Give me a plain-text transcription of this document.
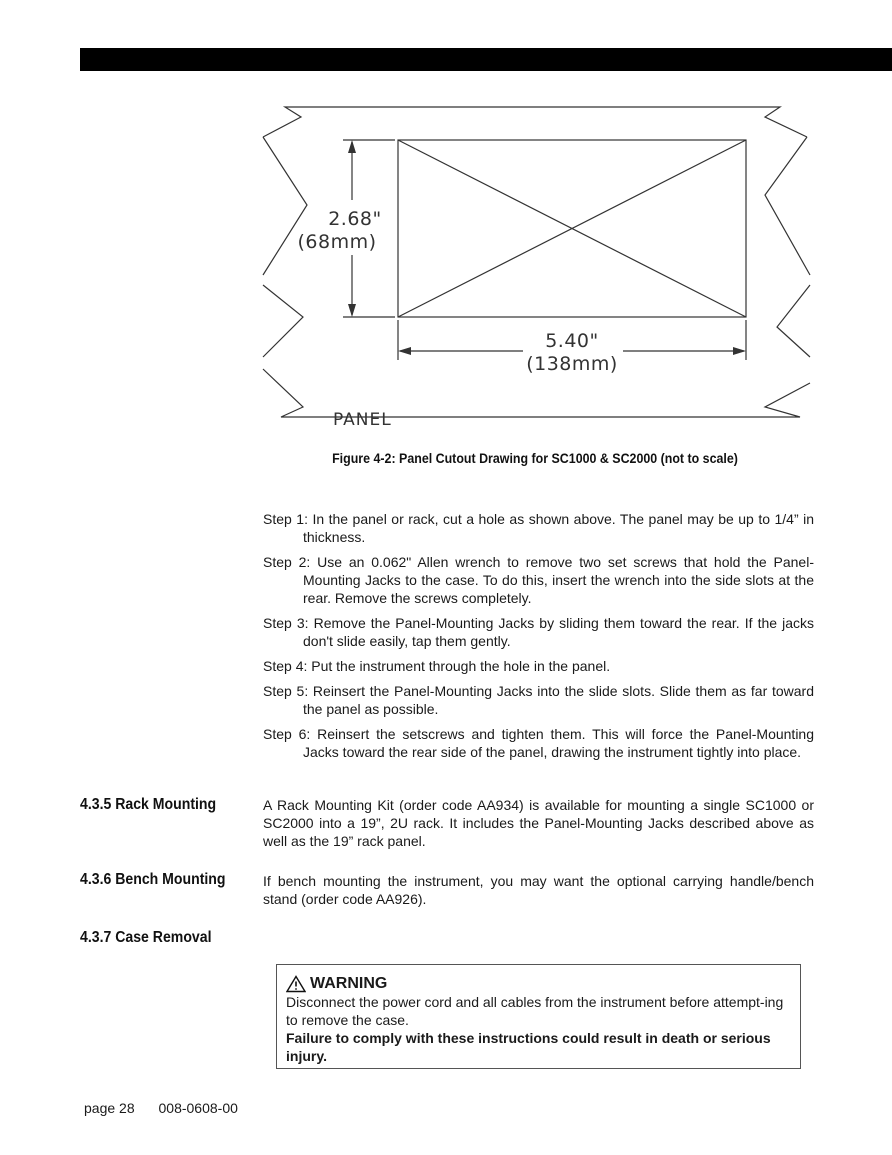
2.68"
(68mm)
5.40"
(138mm)
PANEL
Figure 4-2: Panel Cutout Drawing for SC1000 & SC2000 (not to scale)

Step 1: In the panel or rack, cut a hole as shown above. The panel may be up to 1/4” in thickness.

Step 2: Use an 0.062" Allen wrench to remove two set screws that hold the Panel-Mounting Jacks to the case. To do this, insert the wrench into the side slots at the rear. Remove the screws completely.

Step 3: Remove the Panel-Mounting Jacks by sliding them toward the rear. If the jacks don't slide easily, tap them gently.

Step 4: Put the instrument through the hole in the panel.

Step 5: Reinsert the Panel-Mounting Jacks into the slide slots. Slide them as far toward the panel as possible.

Step 6: Reinsert the setscrews and tighten them. This will force the Panel-Mounting Jacks toward the rear side of the panel, drawing the instrument tightly into place.

4.3.5 Rack Mounting	A Rack Mounting Kit (order code AA934) is available for mounting a single SC1000 or SC2000 into a 19”, 2U rack. It includes the Panel-Mounting Jacks described above as well as the 19” rack panel.
4.3.6 Bench Mounting	If bench mounting the instrument, you may want the optional carrying handle/bench stand (order code AA926).
4.3.7 Case Removal
WARNING
Disconnect the power cord and all cables from the instrument before attempt-ing to remove the case.
Failure to comply with these instructions could result in death or serious injury.
page 28 008-0608-00
